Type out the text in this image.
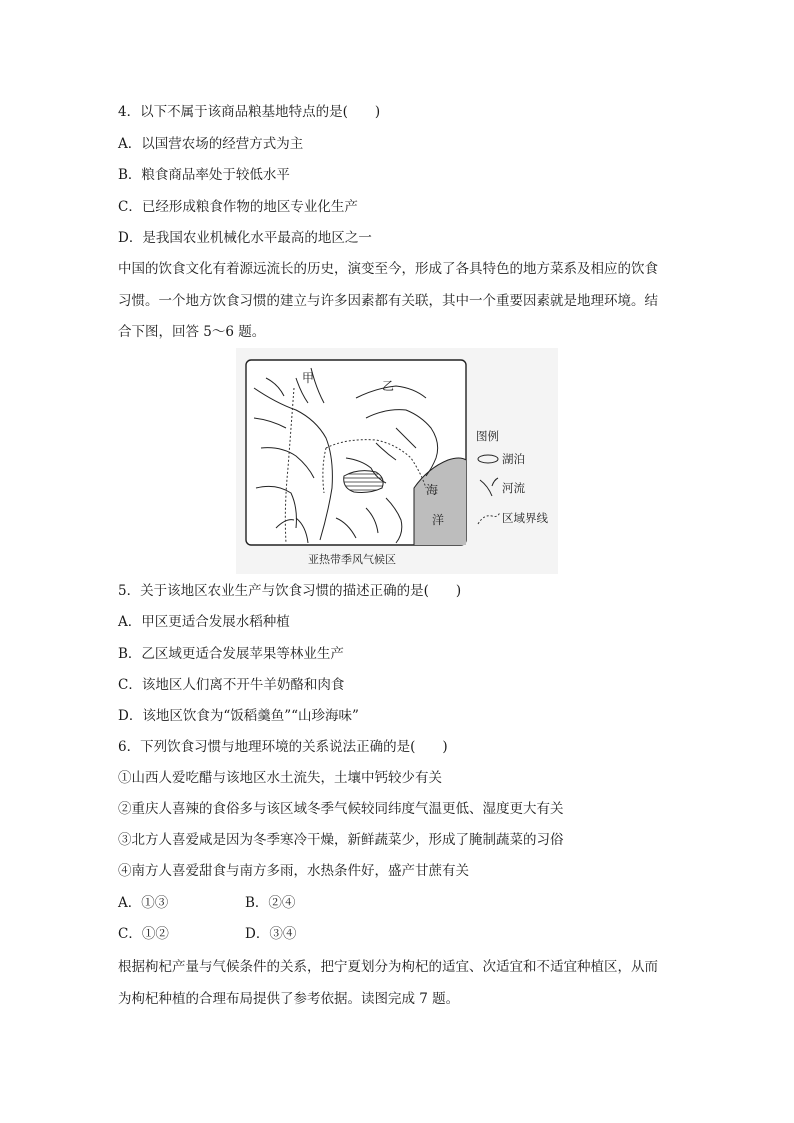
4．以下不属于该商品粮基地特点的是(　　)
A．以国营农场的经营方式为主
B．粮食商品率处于较低水平
C．已经形成粮食作物的地区专业化生产
D．是我国农业机械化水平最高的地区之一
中国的饮食文化有着源远流长的历史，演变至今，形成了各具特色的地方菜系及相应的饮食
习惯。一个地方饮食习惯的建立与许多因素都有关联，其中一个重要因素就是地理环境。结
合下图，回答 5～6 题。
甲
乙
海
洋
图例
湖泊
河流
区域界线
亚热带季风气候区
5．关于该地区农业生产与饮食习惯的描述正确的是(　　)
A．甲区更适合发展水稻种植
B．乙区域更适合发展苹果等林业生产
C．该地区人们离不开牛羊奶酪和肉食
D．该地区饮食为“饭稻羹鱼”“山珍海味”
6．下列饮食习惯与地理环境的关系说法正确的是(　　)
①山西人爱吃醋与该地区水土流失，土壤中钙较少有关
②重庆人喜辣的食俗多与该区域冬季气候较同纬度气温更低、湿度更大有关
③北方人喜爱咸是因为冬季寒冷干燥，新鲜蔬菜少，形成了腌制蔬菜的习俗
④南方人喜爱甜食与南方多雨，水热条件好，盛产甘蔗有关
A．①③	B．②④
C．①②	D．③④
根据枸杞产量与气候条件的关系，把宁夏划分为枸杞的适宜、次适宜和不适宜种植区，从而
为枸杞种植的合理布局提供了参考依据。读图完成 7 题。
